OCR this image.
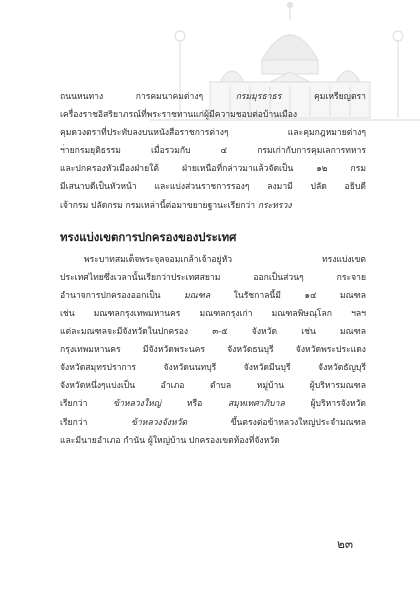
ถนนหนทาง การคมนาคมต่างๆ กรมมุรธาธร คุมเหรียญตรา
เครื่องราชอิสริยาภรณ์ที่พระราชทานแก่ผู้มีความชอบต่อบ้านเมือง
คุมดวงตราที่ประทับลงบนหนังสือราชการต่างๆ และคุมกฎหมายต่างๆ
ฯ่ายกรมยุติธรรม เมื่อรวมกับ ๔ กรมเก่ากับการคุมเลการทหาร
และปกครองหัวเมืองฝ่ายใต้ ฝ่ายเหนือที่กล่าวมาแล้วจัดเป็น ๑๒ กรม
มีเสนาบดีเป็นหัวหน้า และแบ่งส่วนราชการรองๆ ลงมามี ปลัด อธิบดี
เจ้ากรม ปลัดกรม กรมเหล่านี้ต่อมาขยายฐานะเรียกว่า กระทรวง
ทรงแบ่งเขตการปกครองของประเทศ
พระบาทสมเด็จพระจุลจอมเกล้าเจ้าอยู่หัว ทรงแบ่งเขต
ประเทศไทยซึ่งเวลานั้นเรียกว่าประเทศสยาม ออกเป็นส่วนๆ กระจาย
อำนาจการปกครองออกเป็น มณฑล ในรัชกาลนี้มี ๑๔ มณฑล
เช่น มณฑลกรุงเทพมหานคร มณฑลกรุงเก่า มณฑลพิษณุโลก ฯลฯ
แต่ละมณฑลจะมีจังหวัดในปกครอง ๓-๕ จังหวัด เช่น มณฑล
กรุงเทพมหานคร มีจังหวัดพระนคร จังหวัดธนบุรี จังหวัดพระประแดง
จังหวัดสมุทรปราการ จังหวัดนนทบุรี จังหวัดมีนบุรี จังหวัดธัญบุรี
จังหวัดหนึ่งๆแบ่งเป็น อำเภอ ตำบล หมู่บ้าน ผู้บริหารมณฑล
เรียกว่า ข้าหลวงใหญ่ หรือ สมุหเทศาภิบาล ผู้บริหารจังหวัด
เรียกว่า ข้าหลวงจังหวัด ขึ้นตรงต่อข้าหลวงใหญ่ประจำมณฑล
และมีนายอำเภอ กำนัน ผู้ใหญ่บ้าน ปกครองเขตท้องที่จังหวัด
๒๓
